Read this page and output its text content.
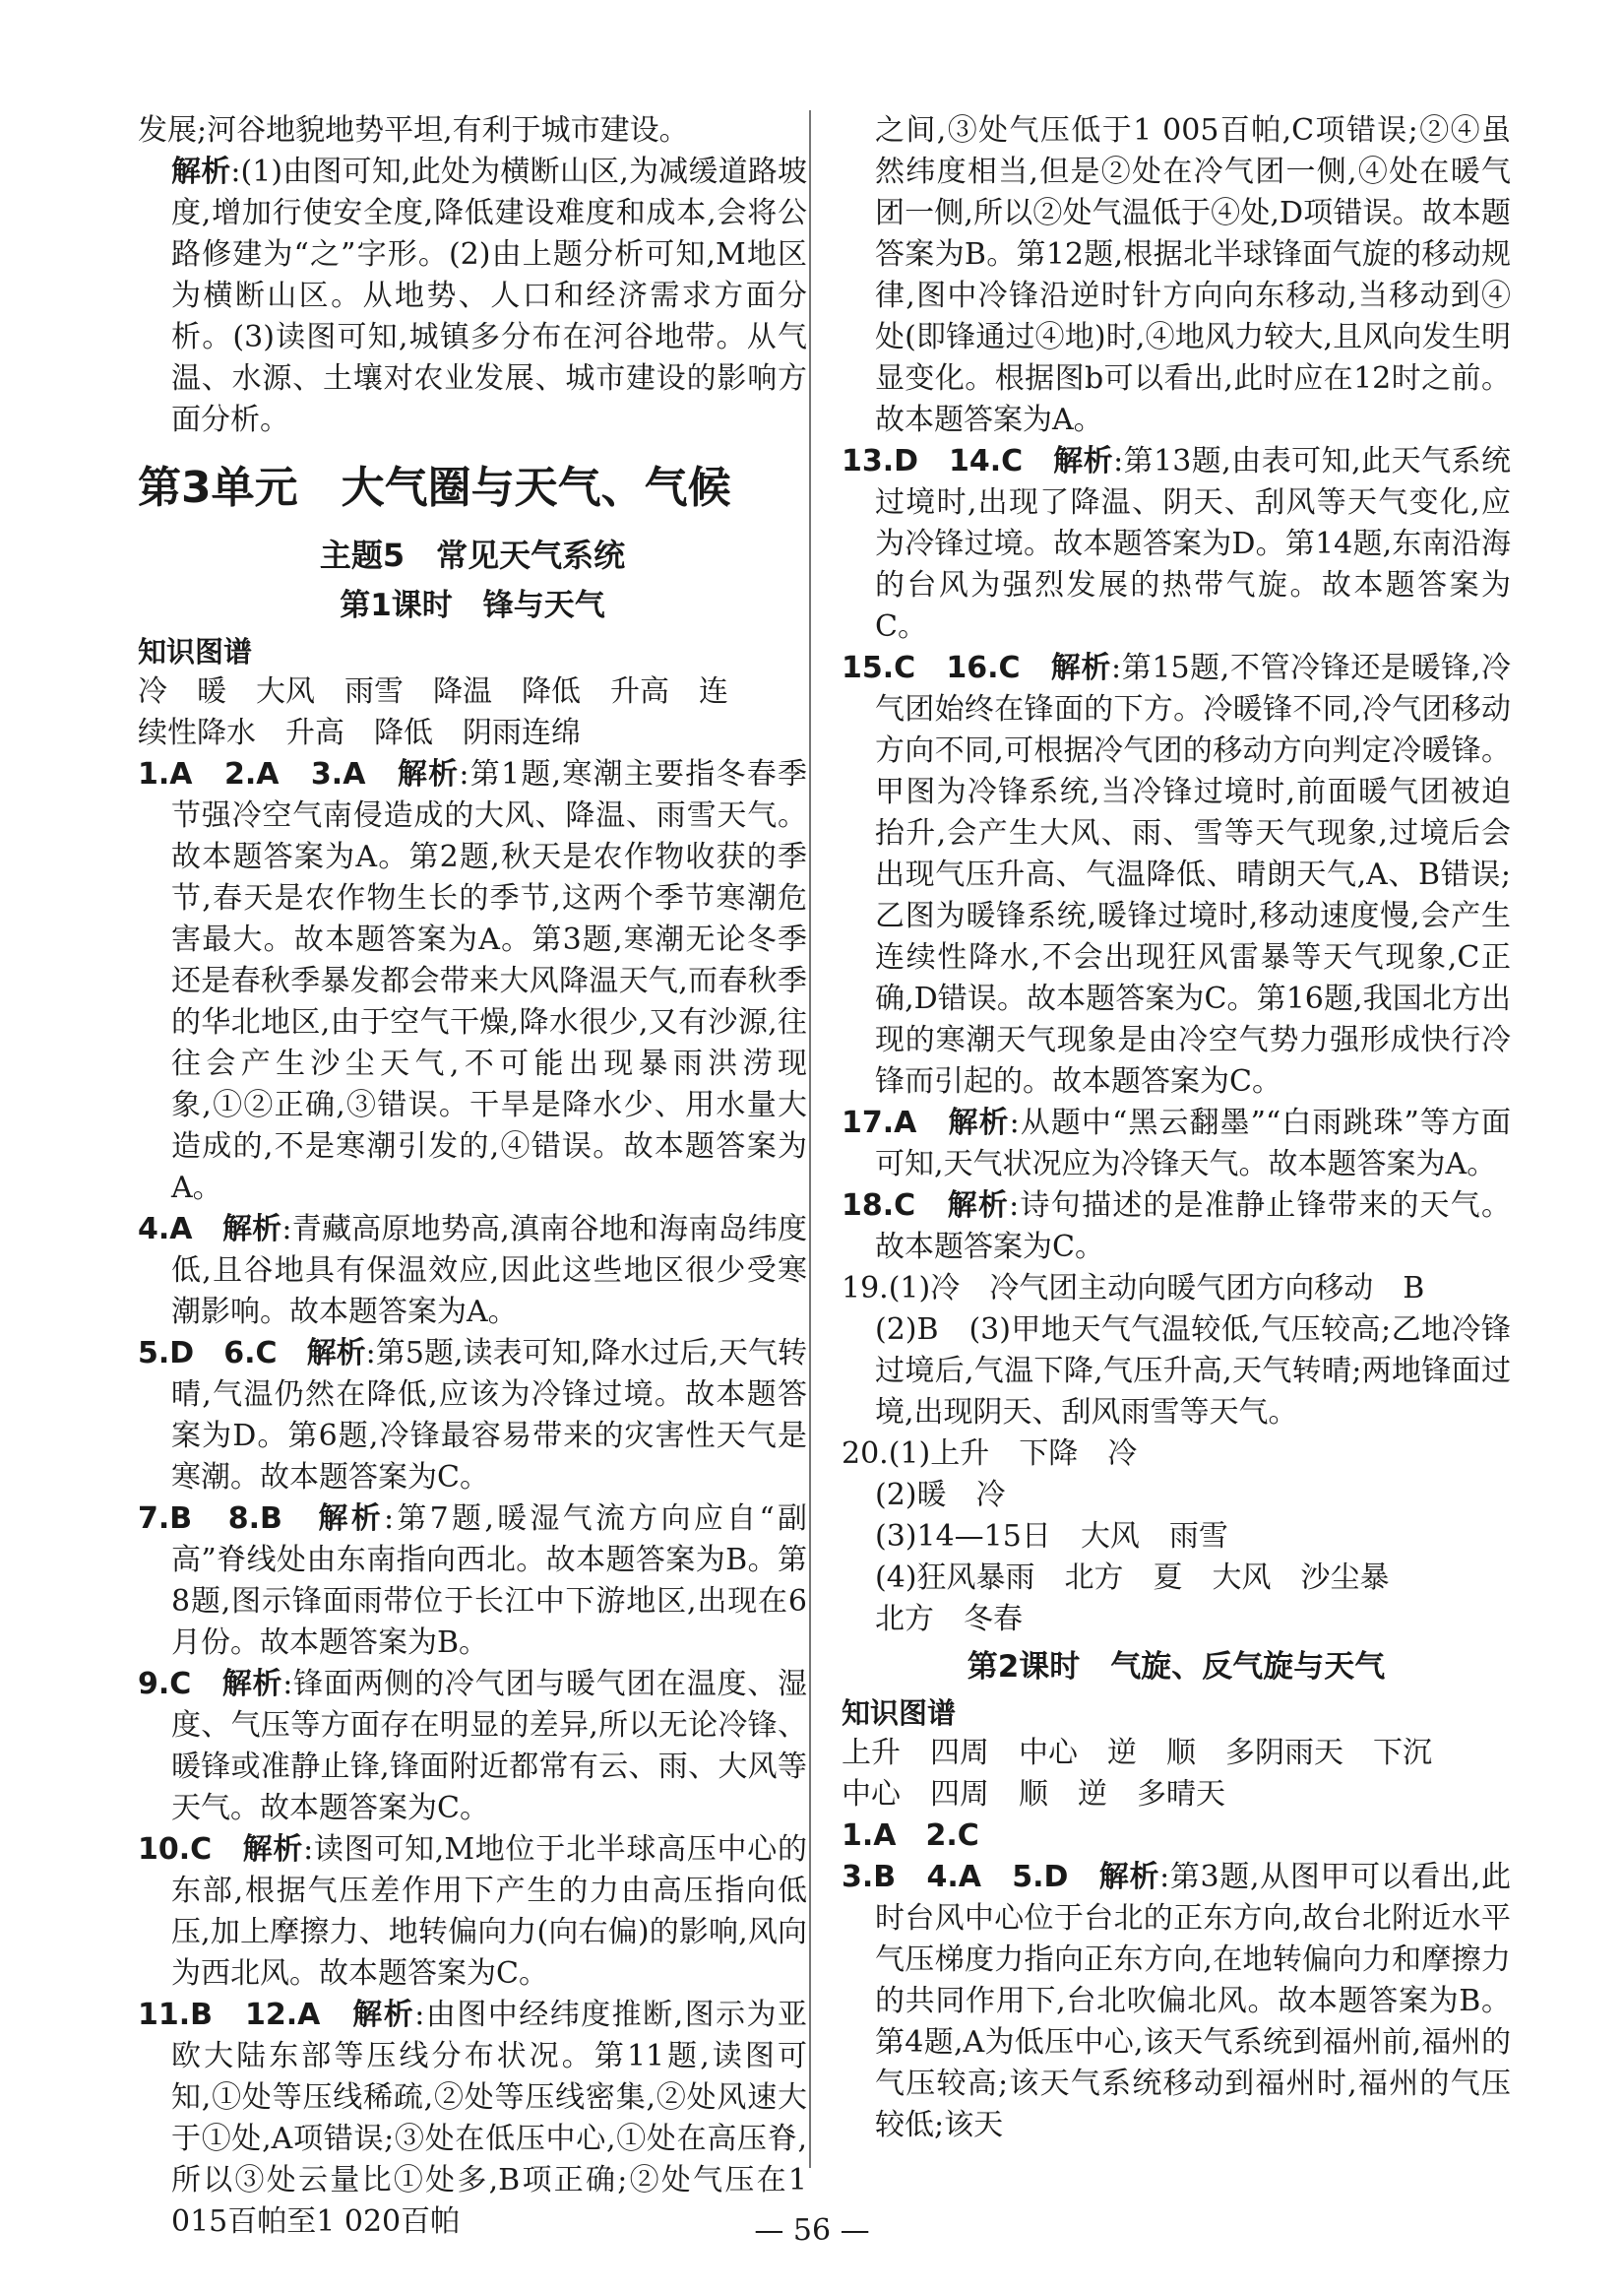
发展;河谷地貌地势平坦,有利于城市建设。

解析:(1)由图可知,此处为横断山区,为减缓道路坡度,增加行使安全度,降低建设难度和成本,会将公路修建为“之”字形。(2)由上题分析可知,M地区为横断山区。从地势、人口和经济需求方面分析。(3)读图可知,城镇多分布在河谷地带。从气温、水源、土壤对农业发展、城市建设的影响方面分析。

第3单元　大气圈与天气、气候
主题5　常见天气系统
第1课时　锋与天气
知识图谱

冷　暖　大风　雨雪　降温　降低　升高　连

续性降水　升高　降低　阴雨连绵

1.A　2.A　3.A　 解析:第1题,寒潮主要指冬春季节强冷空气南侵造成的大风、降温、雨雪天气。故本题答案为A。第2题,秋天是农作物收获的季节,春天是农作物生长的季节,这两个季节寒潮危害最大。故本题答案为A。第3题,寒潮无论冬季还是春秋季暴发都会带来大风降温天气,而春秋季的华北地区,由于空气干燥,降水很少,又有沙源,往往会产生沙尘天气,不可能出现暴雨洪涝现象,①②正确,③错误。干旱是降水少、用水量大造成的,不是寒潮引发的,④错误。故本题答案为A。

4.A　 解析:青藏高原地势高,滇南谷地和海南岛纬度低,且谷地具有保温效应,因此这些地区很少受寒潮影响。故本题答案为A。

5.D　6.C　 解析:第5题,读表可知,降水过后,天气转晴,气温仍然在降低,应该为冷锋过境。故本题答案为D。第6题,冷锋最容易带来的灾害性天气是寒潮。故本题答案为C。

7.B　8.B　 解析:第7题,暖湿气流方向应自“副高”脊线处由东南指向西北。故本题答案为B。第8题,图示锋面雨带位于长江中下游地区,出现在6月份。故本题答案为B。

9.C　 解析:锋面两侧的冷气团与暖气团在温度、湿度、气压等方面存在明显的差异,所以无论冷锋、暖锋或准静止锋,锋面附近都常有云、雨、大风等天气。故本题答案为C。

10.C　 解析:读图可知,M地位于北半球高压中心的东部,根据气压差作用下产生的力由高压指向低压,加上摩擦力、地转偏向力(向右偏)的影响,风向为西北风。故本题答案为C。

11.B　12.A　 解析:由图中经纬度推断,图示为亚欧大陆东部等压线分布状况。第11题,读图可知,①处等压线稀疏,②处等压线密集,②处风速大于①处,A项错误;③处在低压中心,①处在高压脊,所以③处云量比①处多,B项正确;②处气压在1 015百帕至1 020百帕

之间,③处气压低于1 005百帕,C项错误;②④虽然纬度相当,但是②处在冷气团一侧,④处在暖气团一侧,所以②处气温低于④处,D项错误。故本题答案为B。第12题,根据北半球锋面气旋的移动规律,图中冷锋沿逆时针方向向东移动,当移动到④处(即锋通过④地)时,④地风力较大,且风向发生明显变化。根据图b可以看出,此时应在12时之前。故本题答案为A。

13.D　14.C　 解析:第13题,由表可知,此天气系统过境时,出现了降温、阴天、刮风等天气变化,应为冷锋过境。故本题答案为D。第14题,东南沿海的台风为强烈发展的热带气旋。故本题答案为C。

15.C　16.C　 解析:第15题,不管冷锋还是暖锋,冷气团始终在锋面的下方。冷暖锋不同,冷气团移动方向不同,可根据冷气团的移动方向判定冷暖锋。甲图为冷锋系统,当冷锋过境时,前面暖气团被迫抬升,会产生大风、雨、雪等天气现象,过境后会出现气压升高、气温降低、晴朗天气,A、B错误;乙图为暖锋系统,暖锋过境时,移动速度慢,会产生连续性降水,不会出现狂风雷暴等天气现象,C正确,D错误。故本题答案为C。第16题,我国北方出现的寒潮天气现象是由冷空气势力强形成快行冷锋而引起的。故本题答案为C。

17.A　 解析:从题中“黑云翻墨”“白雨跳珠”等方面可知,天气状况应为冷锋天气。故本题答案为A。

18.C　 解析:诗句描述的是准静止锋带来的天气。故本题答案为C。

19.(1)冷　冷气团主动向暖气团方向移动　B

(2)B　(3)甲地天气气温较低,气压较高;乙地冷锋过境后,气温下降,气压升高,天气转晴;两地锋面过境,出现阴天、刮风雨雪等天气。

20.(1)上升　下降　冷

(2)暖　冷

(3)14—15日　大风　雨雪

(4)狂风暴雨　北方　夏　大风　沙尘暴

北方　冬春

第2课时　气旋、反气旋与天气
知识图谱

上升　四周　中心　逆　顺　多阴雨天　下沉

中心　四周　顺　逆　多晴天

1.A　2.C

3.B　4.A　5.D　 解析:第3题,从图甲可以看出,此时台风中心位于台北的正东方向,故台北附近水平气压梯度力指向正东方向,在地转偏向力和摩擦力的共同作用下,台北吹偏北风。故本题答案为B。第4题,A为低压中心,该天气系统到福州前,福州的气压较高;该天气系统移动到福州时,福州的气压较低;该天

— 56 —
